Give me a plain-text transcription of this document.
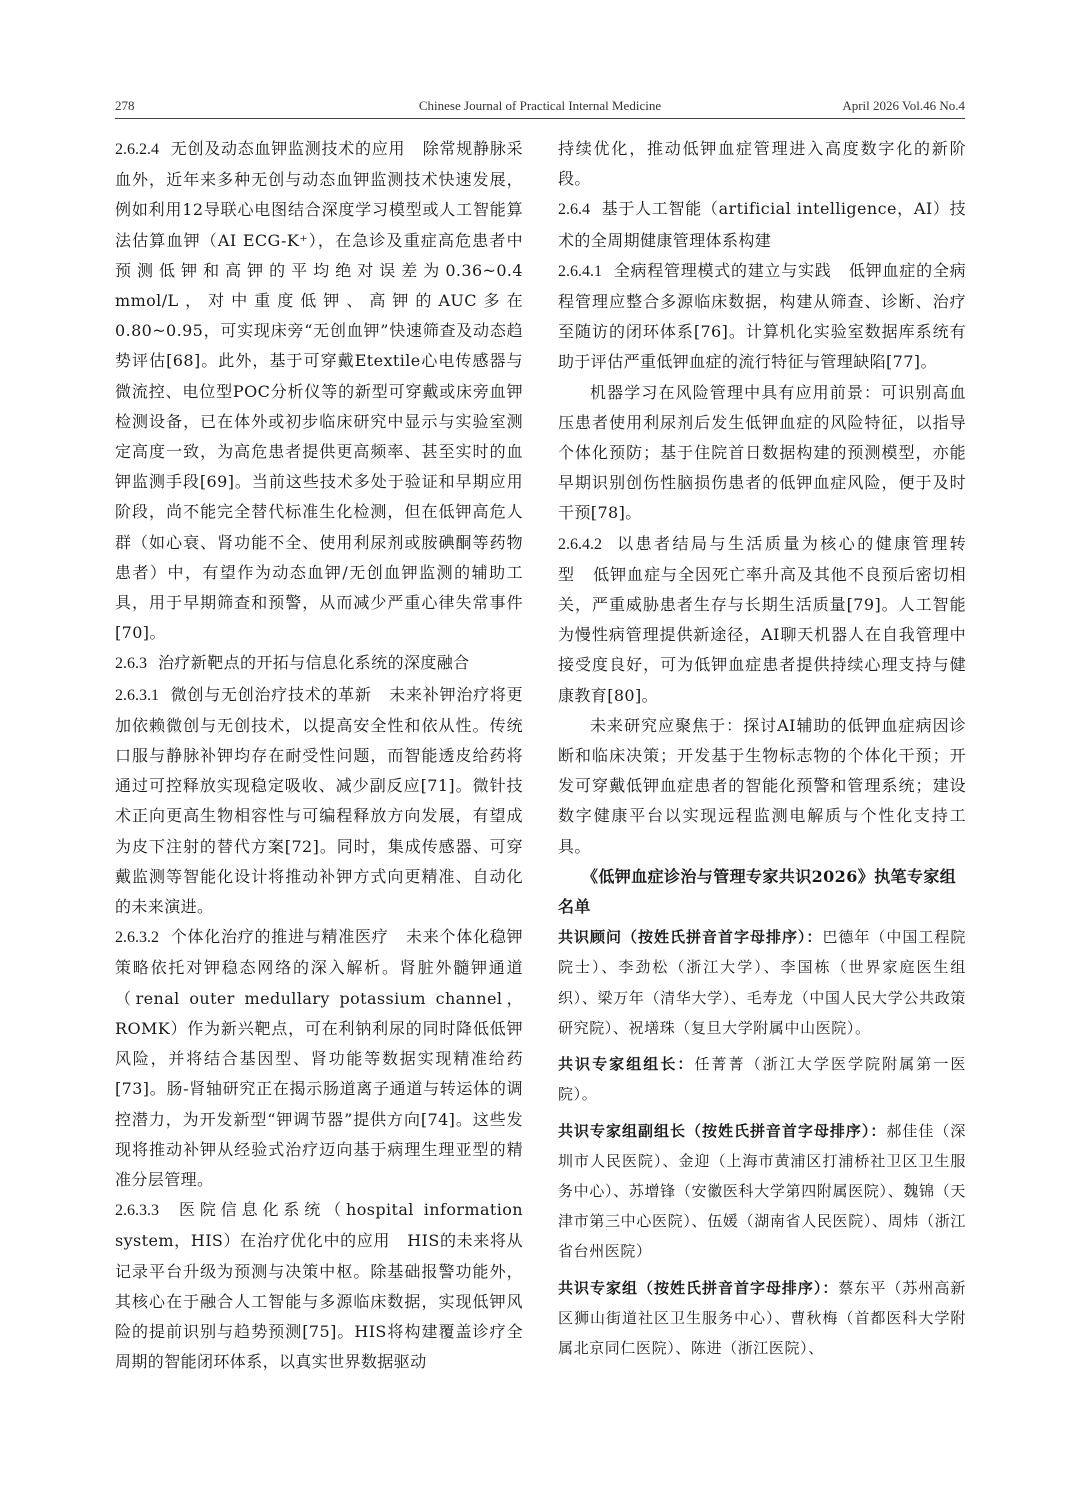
278	Chinese Journal of Practical Internal Medicine	April 2026 Vol.46 No.4

2.6.2.4 无创及动态血钾监测技术的应用 除常规静脉采血外，近年来多种无创与动态血钾监测技术快速发展，例如利用12导联心电图结合深度学习模型或人工智能算法估算血钾（AI ECG-K⁺），在急诊及重症高危患者中预测低钾和高钾的平均绝对误差为0.36~0.4 mmol/L，对中重度低钾、高钾的AUC多在0.80~0.95，可实现床旁“无创血钾”快速筛查及动态趋势评估[68]。此外，基于可穿戴Etextile心电传感器与微流控、电位型POC分析仪等的新型可穿戴或床旁血钾检测设备，已在体外或初步临床研究中显示与实验室测定高度一致，为高危患者提供更高频率、甚至实时的血钾监测手段[69]。当前这些技术多处于验证和早期应用阶段，尚不能完全替代标准生化检测，但在低钾高危人群（如心衰、肾功能不全、使用利尿剂或胺碘酮等药物患者）中，有望作为动态血钾/无创血钾监测的辅助工具，用于早期筛查和预警，从而减少严重心律失常事件[70]。

2.6.3 治疗新靶点的开拓与信息化系统的深度融合

2.6.3.1 微创与无创治疗技术的革新 未来补钾治疗将更加依赖微创与无创技术，以提高安全性和依从性。传统口服与静脉补钾均存在耐受性问题，而智能透皮给药将通过可控释放实现稳定吸收、减少副反应[71]。微针技术正向更高生物相容性与可编程释放方向发展，有望成为皮下注射的替代方案[72]。同时，集成传感器、可穿戴监测等智能化设计将推动补钾方式向更精准、自动化的未来演进。

2.6.3.2 个体化治疗的推进与精准医疗 未来个体化稳钾策略依托对钾稳态网络的深入解析。肾脏外髓钾通道（renal outer medullary potassium channel，ROMK）作为新兴靶点，可在利钠利尿的同时降低低钾风险，并将结合基因型、肾功能等数据实现精准给药[73]。肠-肾轴研究正在揭示肠道离子通道与转运体的调控潜力，为开发新型“钾调节器”提供方向[74]。这些发现将推动补钾从经验式治疗迈向基于病理生理亚型的精准分层管理。

2.6.3.3 医院信息化系统（hospital information system，HIS）在治疗优化中的应用 HIS的未来将从记录平台升级为预测与决策中枢。除基础报警功能外，其核心在于融合人工智能与多源临床数据，实现低钾风险的提前识别与趋势预测[75]。HIS将构建覆盖诊疗全周期的智能闭环体系，以真实世界数据驱动

持续优化，推动低钾血症管理进入高度数字化的新阶段。

2.6.4 基于人工智能（artificial intelligence，AI）技术的全周期健康管理体系构建

2.6.4.1 全病程管理模式的建立与实践 低钾血症的全病程管理应整合多源临床数据，构建从筛查、诊断、治疗至随访的闭环体系[76]。计算机化实验室数据库系统有助于评估严重低钾血症的流行特征与管理缺陷[77]。

机器学习在风险管理中具有应用前景：可识别高血压患者使用利尿剂后发生低钾血症的风险特征，以指导个体化预防；基于住院首日数据构建的预测模型，亦能早期识别创伤性脑损伤患者的低钾血症风险，便于及时干预[78]。

2.6.4.2 以患者结局与生活质量为核心的健康管理转型 低钾血症与全因死亡率升高及其他不良预后密切相关，严重威胁患者生存与长期生活质量[79]。人工智能为慢性病管理提供新途径，AI聊天机器人在自我管理中接受度良好，可为低钾血症患者提供持续心理支持与健康教育[80]。

未来研究应聚焦于：探讨AI辅助的低钾血症病因诊断和临床决策；开发基于生物标志物的个体化干预；开发可穿戴低钾血症患者的智能化预警和管理系统；建设数字健康平台以实现远程监测电解质与个性化支持工具。

《低钾血症诊治与管理专家共识2026》执笔专家组名单

共识顾问（按姓氏拼音首字母排序）：巴德年（中国工程院院士）、李劲松（浙江大学）、李国栋（世界家庭医生组织）、梁万年（清华大学）、毛寿龙（中国人民大学公共政策研究院）、祝墡珠（复旦大学附属中山医院）。

共识专家组组长：任菁菁（浙江大学医学院附属第一医院）。

共识专家组副组长（按姓氏拼音首字母排序）：郝佳佳（深圳市人民医院）、金迎（上海市黄浦区打浦桥社卫区卫生服务中心）、苏增锋（安徽医科大学第四附属医院）、魏锦（天津市第三中心医院）、伍媛（湖南省人民医院）、周炜（浙江省台州医院）

共识专家组（按姓氏拼音首字母排序）：蔡东平（苏州高新区狮山街道社区卫生服务中心）、曹秋梅（首都医科大学附属北京同仁医院）、陈进（浙江医院）、
